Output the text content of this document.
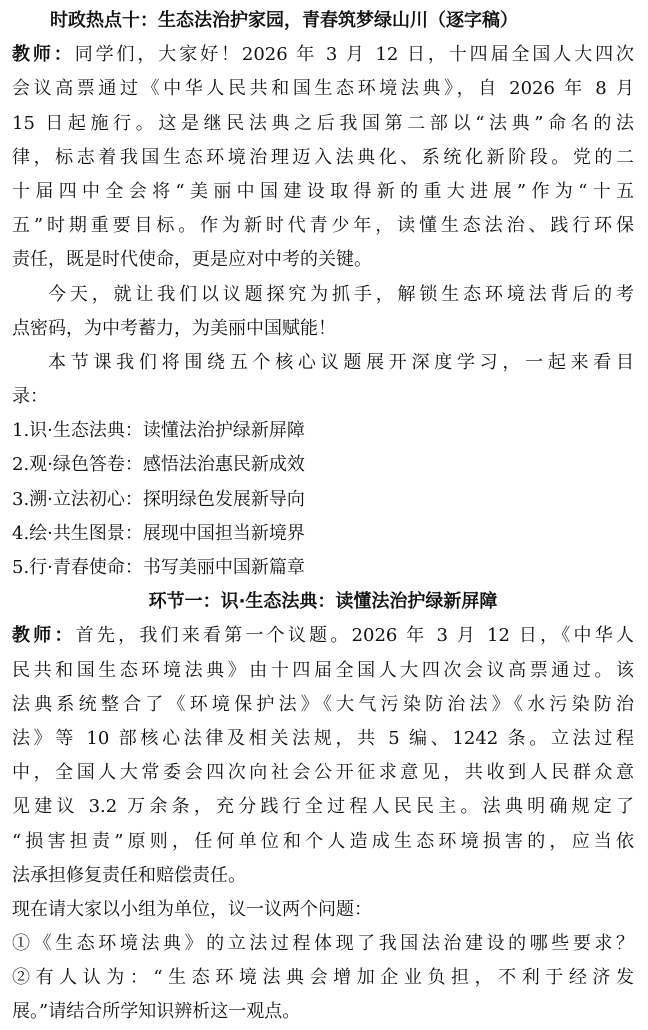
时政热点十：生态法治护家园，青春筑梦绿山川（逐字稿）
教师：同学们，大家好！2026 年 3 月 12 日，十四届全国人大四次
会议高票通过《中华人民共和国生态环境法典》，自 2026 年 8 月
15 日起施行。这是继民法典之后我国第二部以“法典”命名的法
律，标志着我国生态环境治理迈入法典化、系统化新阶段。党的二
十届四中全会将“美丽中国建设取得新的重大进展”作为“十五
五”时期重要目标。作为新时代青少年，读懂生态法治、践行环保
责任，既是时代使命，更是应对中考的关键。
今天，就让我们以议题探究为抓手，解锁生态环境法背后的考
点密码，为中考蓄力，为美丽中国赋能！
本节课我们将围绕五个核心议题展开深度学习，一起来看目
录：
1.识·生态法典：读懂法治护绿新屏障
2.观·绿色答卷：感悟法治惠民新成效
3.溯·立法初心：探明绿色发展新导向
4.绘·共生图景：展现中国担当新境界
5.行·青春使命：书写美丽中国新篇章
环节一：识·生态法典：读懂法治护绿新屏障
教师：首先，我们来看第一个议题。2026 年 3 月 12 日，《中华人
民共和国生态环境法典》由十四届全国人大四次会议高票通过。该
法典系统整合了《环境保护法》《大气污染防治法》《水污染防治
法》等 10 部核心法律及相关法规，共 5 编、1242 条。立法过程
中，全国人大常委会四次向社会公开征求意见，共收到人民群众意
见建议 3.2 万余条，充分践行全过程人民民主。法典明确规定了
“损害担责”原则，任何单位和个人造成生态环境损害的，应当依
法承担修复责任和赔偿责任。
现在请大家以小组为单位，议一议两个问题：
①《生态环境法典》的立法过程体现了我国法治建设的哪些要求？
②有人认为：“生态环境法典会增加企业负担，不利于经济发
展。”请结合所学知识辨析这一观点。
